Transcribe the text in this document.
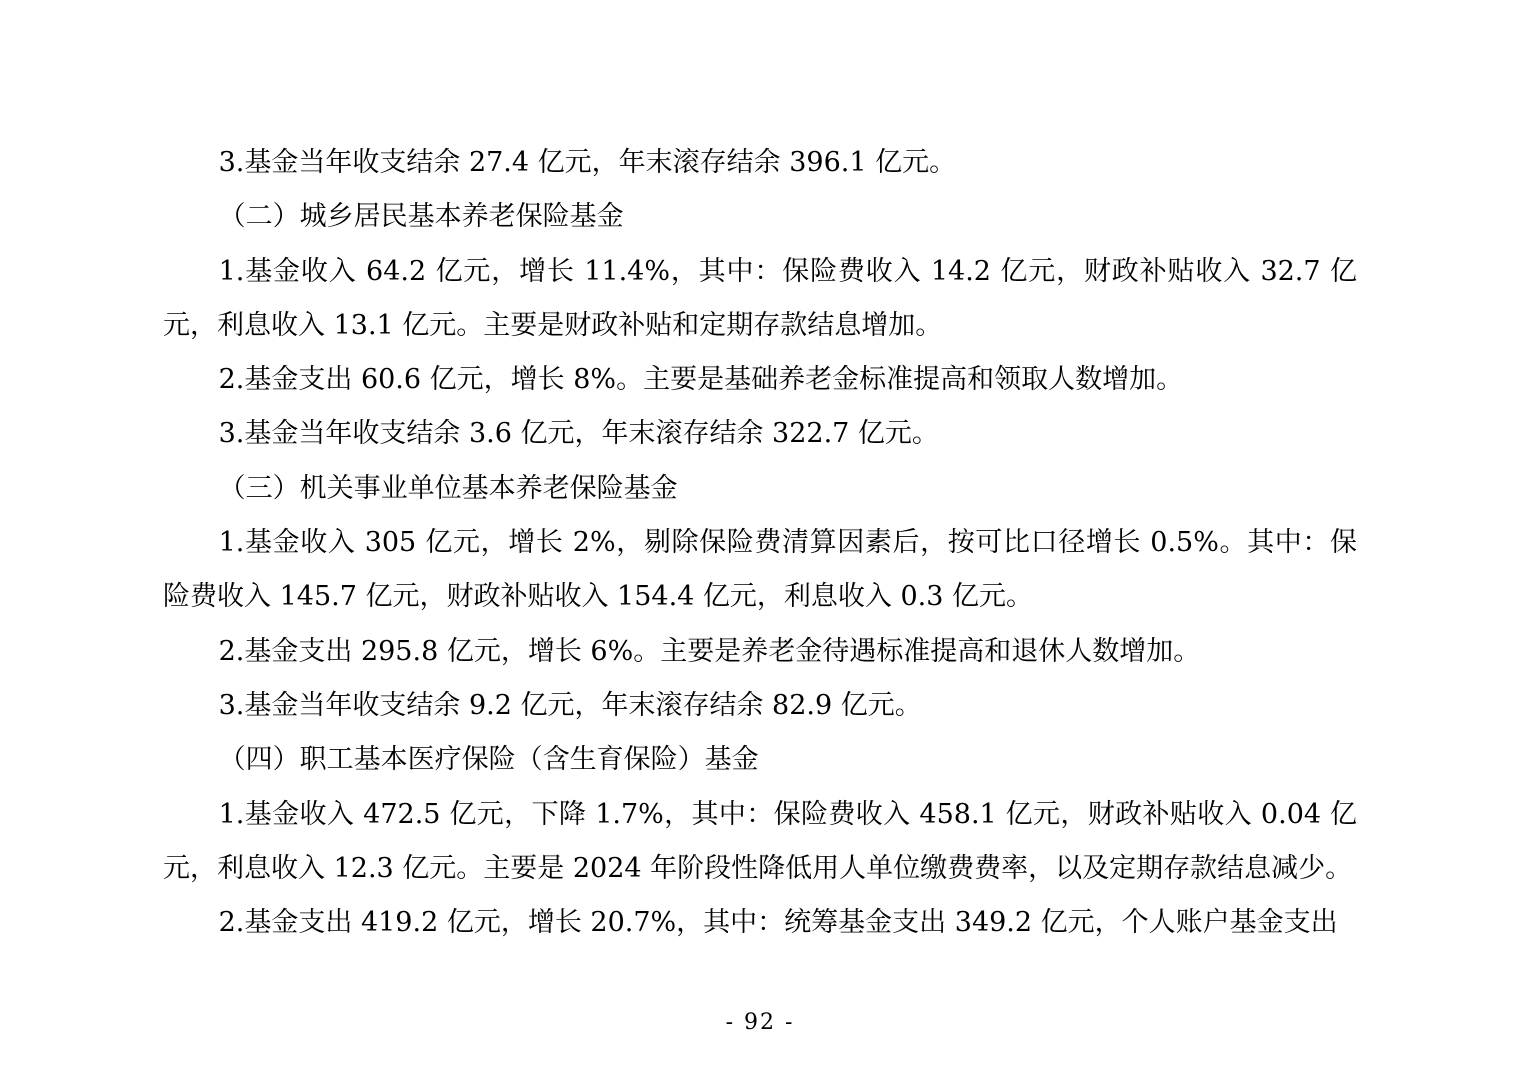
3.基金当年收支结余 27.4 亿元，年末滚存结余 396.1 亿元。

（二）城乡居民基本养老保险基金

1.基金收入 64.2 亿元，增长 11.4%，其中：保险费收入 14.2 亿元，财政补贴收入 32.7 亿元，利息收入 13.1 亿元。主要是财政补贴和定期存款结息增加。

2.基金支出 60.6 亿元，增长 8%。主要是基础养老金标准提高和领取人数增加。

3.基金当年收支结余 3.6 亿元，年末滚存结余 322.7 亿元。

（三）机关事业单位基本养老保险基金

1.基金收入 305 亿元，增长 2%，剔除保险费清算因素后，按可比口径增长 0.5%。其中：保险费收入 145.7 亿元，财政补贴收入 154.4 亿元，利息收入 0.3 亿元。

2.基金支出 295.8 亿元，增长 6%。主要是养老金待遇标准提高和退休人数增加。

3.基金当年收支结余 9.2 亿元，年末滚存结余 82.9 亿元。

（四）职工基本医疗保险（含生育保险）基金

1.基金收入 472.5 亿元，下降 1.7%，其中：保险费收入 458.1 亿元，财政补贴收入 0.04 亿元，利息收入 12.3 亿元。主要是 2024 年阶段性降低用人单位缴费费率，以及定期存款结息减少。

2.基金支出 419.2 亿元，增长 20.7%，其中：统筹基金支出 349.2 亿元，个人账户基金支出

- 92 -
